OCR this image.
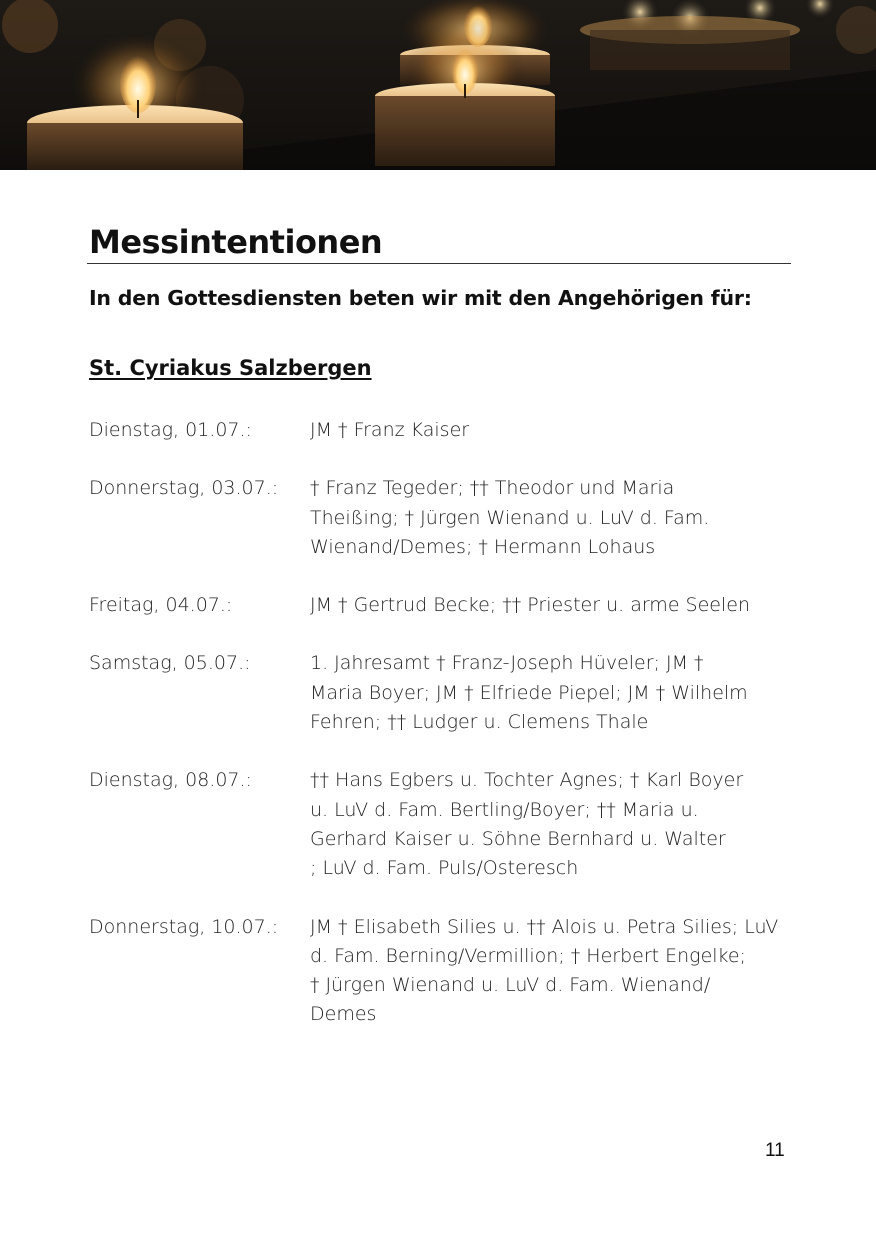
Messintentionen

In den Gottesdiensten beten wir mit den Angehörigen für:

St. Cyriakus Salzbergen
Dienstag, 01.07.:	JM † Franz Kaiser
Donnerstag, 03.07.:	† Franz Tegeder; †† Theodor und Maria
Theißing; † Jürgen Wienand u. LuV d. Fam.
Wienand/Demes; † Hermann Lohaus
Freitag, 04.07.:	JM † Gertrud Becke; †† Priester u. arme Seelen
Samstag, 05.07.:	1. Jahresamt † Franz-Joseph Hüveler; JM †
Maria Boyer; JM † Elfriede Piepel; JM † Wilhelm
Fehren; †† Ludger u. Clemens Thale
Dienstag, 08.07.:	†† Hans Egbers u. Tochter Agnes; † Karl Boyer
u. LuV d. Fam. Bertling/Boyer; †† Maria u.
Gerhard Kaiser u. Söhne Bernhard u. Walter
; LuV d. Fam. Puls/Osteresch
Donnerstag, 10.07.:	JM † Elisabeth Silies u. †† Alois u. Petra Silies; LuV
d. Fam. Berning/Vermillion; † Herbert Engelke;
† Jürgen Wienand u. LuV d. Fam. Wienand/
Demes
11
